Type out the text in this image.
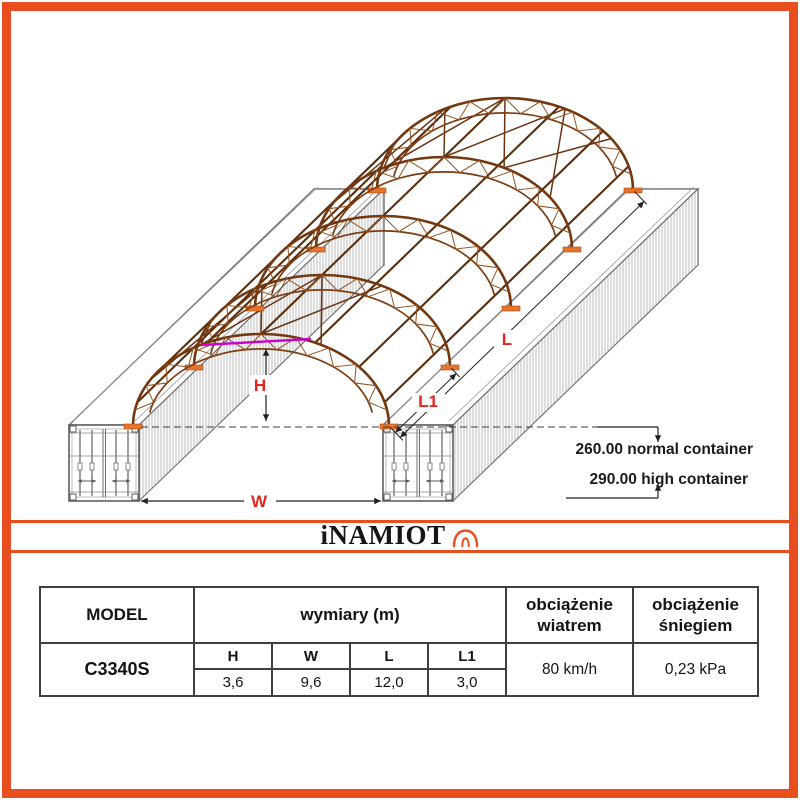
H
W
L
L1
260.00 normal container
290.00 high container
iNAMIOT
MODEL	wymiary (m)				obciążenie wiatrem	obciążenie śniegiem
C3340S	H	W	L	L1	80 km/h	0,23 kPa
	3,6	9,6	12,0	3,0		
